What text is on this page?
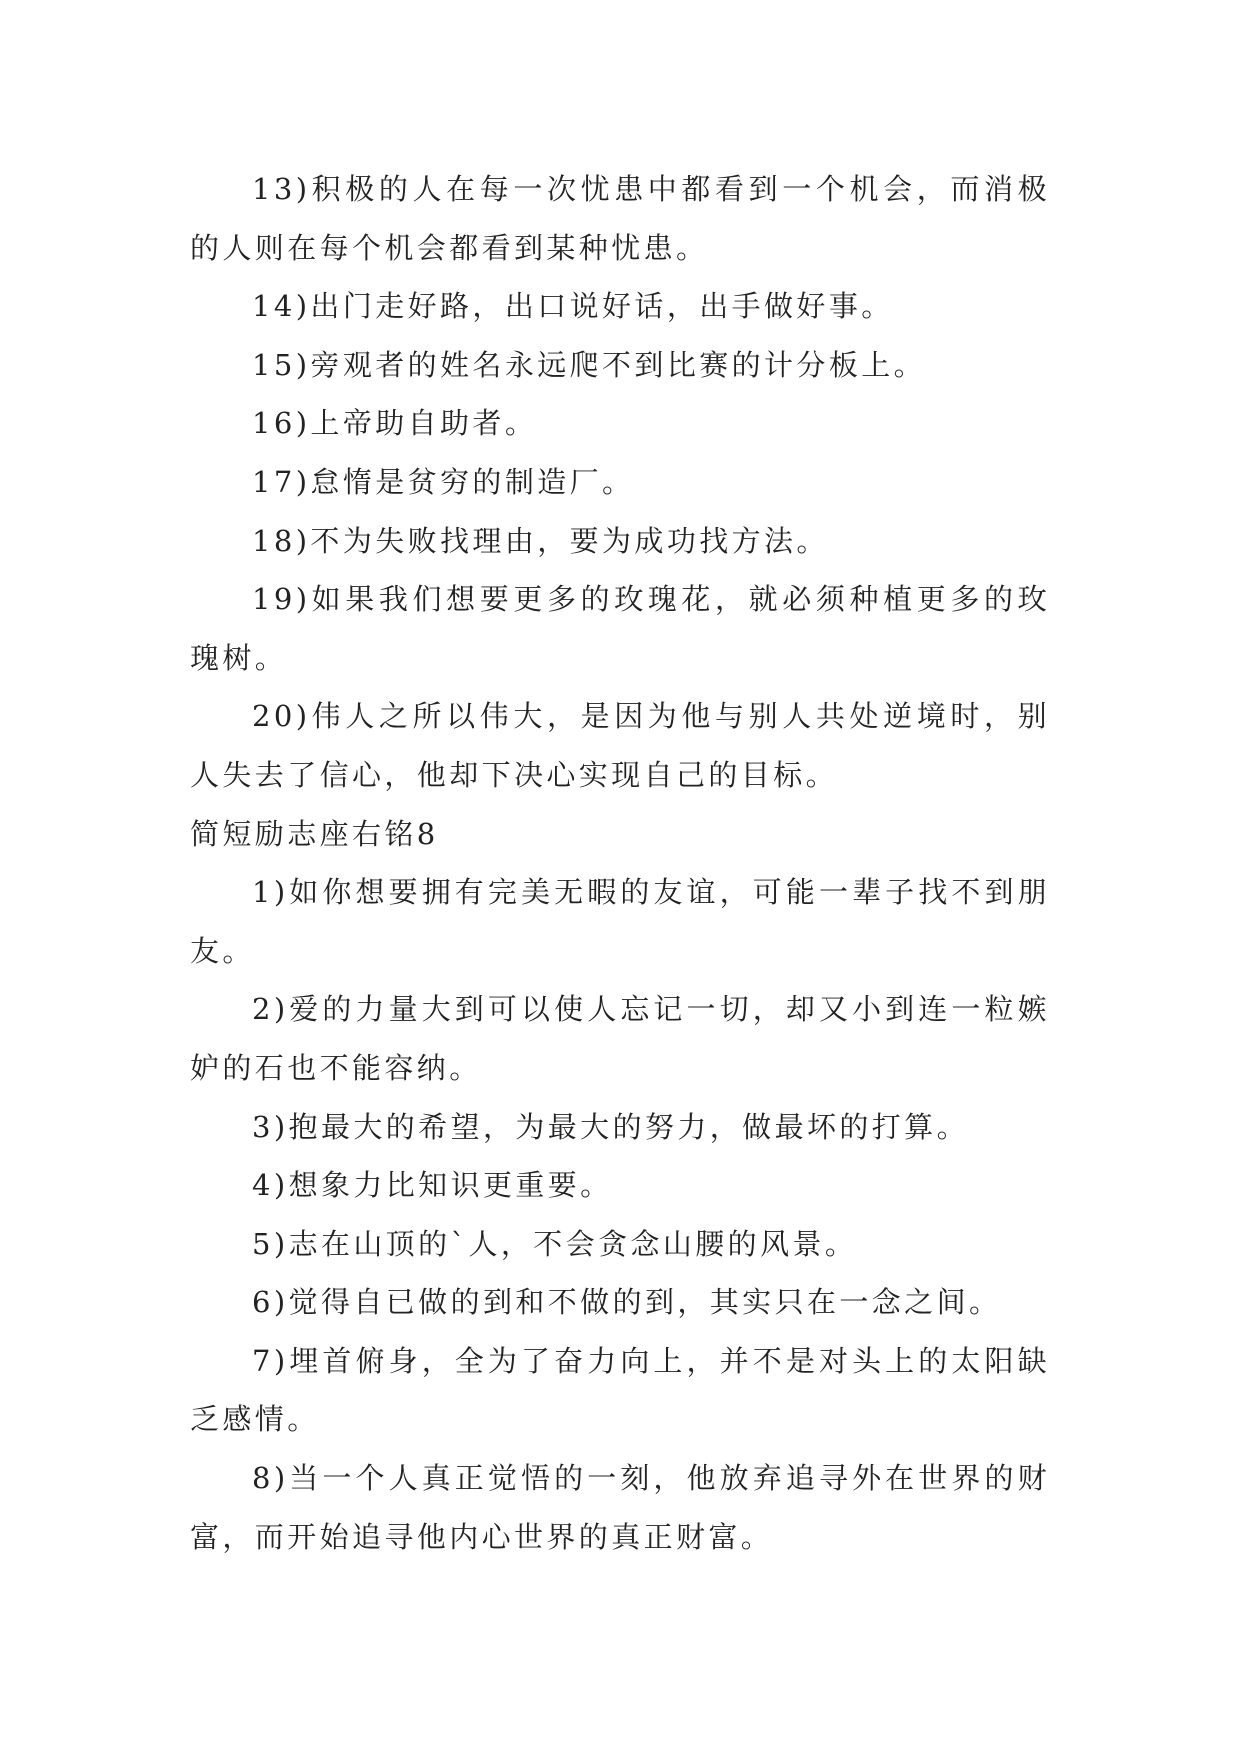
13)积极的人在每一次忧患中都看到一个机会，而消极的人则在每个机会都看到某种忧患。

14)出门走好路，出口说好话，出手做好事。

15)旁观者的姓名永远爬不到比赛的计分板上。

16)上帝助自助者。

17)怠惰是贫穷的制造厂。

18)不为失败找理由，要为成功找方法。

19)如果我们想要更多的玫瑰花，就必须种植更多的玫瑰树。

20)伟人之所以伟大，是因为他与别人共处逆境时，别人失去了信心，他却下决心实现自己的目标。

简短励志座右铭8

1)如你想要拥有完美无暇的友谊，可能一辈子找不到朋友。

2)爱的力量大到可以使人忘记一切，却又小到连一粒嫉妒的石也不能容纳。

3)抱最大的希望，为最大的努力，做最坏的打算。

4)想象力比知识更重要。

5)志在山顶的`人，不会贪念山腰的风景。

6)觉得自已做的到和不做的到，其实只在一念之间。

7)埋首俯身，全为了奋力向上，并不是对头上的太阳缺乏感情。

8)当一个人真正觉悟的一刻，他放弃追寻外在世界的财富，而开始追寻他内心世界的真正财富。
